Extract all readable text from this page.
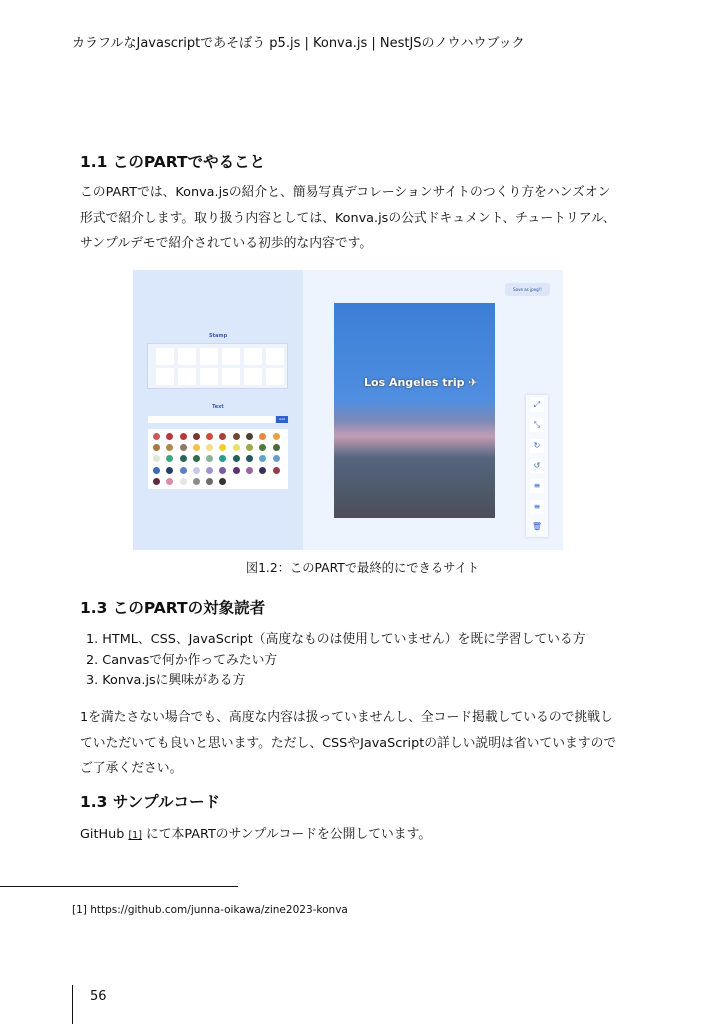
カラフルなJavascriptであそぼう p5.js | Konva.js | NestJSのノウハウブック
1.1 このPARTでやること
このPARTでは、Konva.jsの紹介と、簡易写真デコレーションサイトのつくり方をハンズオン
形式で紹介します。取り扱う内容としては、Konva.jsの公式ドキュメント、チュートリアル、
サンプルデモで紹介されている初歩的な内容です。
Stamp
Text
Add
Save as jpeg!!
Los Angeles trip ✈
⤢
⤡
↻
↺
≡
≡
🗑
図1.2：このPARTで最終的にできるサイト
1.3 このPARTの対象読者
1. HTML、CSS、JavaScript（高度なものは使用していません）を既に学習している方
2. Canvasで何か作ってみたい方
3. Konva.jsに興味がある方
1を満たさない場合でも、高度な内容は扱っていませんし、全コード掲載しているので挑戦し
ていただいても良いと思います。ただし、CSSやJavaScriptの詳しい説明は省いていますので
ご了承ください。
1.3 サンプルコード
GitHub [1] にて本PARTのサンプルコードを公開しています。
[1] https://github.com/junna-oikawa/zine2023-konva
56
